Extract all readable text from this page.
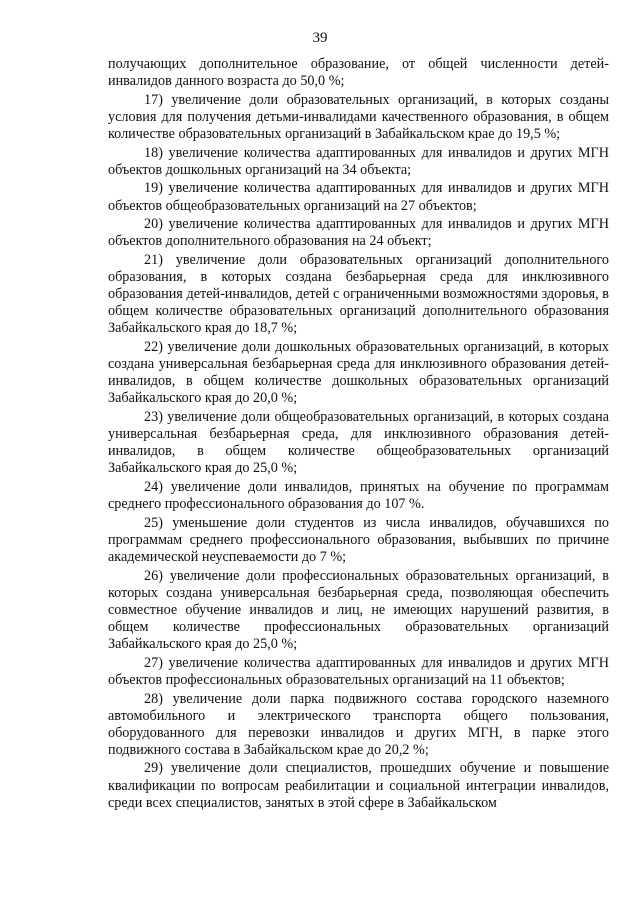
39

получающих дополнительное образование, от общей численности детей-инвалидов данного возраста до 50,0 %;

17) увеличение доли образовательных организаций, в которых созданы условия для получения детьми-инвалидами качественного образования, в общем количестве образовательных организаций в Забайкальском крае до 19,5 %;

18) увеличение количества адаптированных для инвалидов и других МГН объектов дошкольных организаций на 34 объекта;

19) увеличение количества адаптированных для инвалидов и других МГН объектов общеобразовательных организаций на 27 объектов;

20) увеличение количества адаптированных для инвалидов и других МГН объектов дополнительного образования на 24 объект;

21) увеличение доли образовательных организаций дополнительного образования, в которых создана безбарьерная среда для инклюзивного образования детей-инвалидов, детей с ограниченными возможностями здоровья, в общем количестве образовательных организаций дополнительного образования Забайкальского края до 18,7 %;

22) увеличение доли дошкольных образовательных организаций, в которых создана универсальная безбарьерная среда для инклюзивного образования детей-инвалидов, в общем количестве дошкольных образовательных организаций Забайкальского края до 20,0 %;

23) увеличение доли общеобразовательных организаций, в которых создана универсальная безбарьерная среда, для инклюзивного образования детей-инвалидов, в общем количестве общеобразовательных организаций Забайкальского края до 25,0 %;

24) увеличение доли инвалидов, принятых на обучение по программам среднего профессионального образования до 107 %.

25) уменьшение доли студентов из числа инвалидов, обучавшихся по программам среднего профессионального образования, выбывших по причине академической неуспеваемости до 7 %;

26) увеличение доли профессиональных образовательных организаций, в которых создана универсальная безбарьерная среда, позволяющая обеспечить совместное обучение инвалидов и лиц, не имеющих нарушений развития, в общем количестве профессиональных образовательных организаций Забайкальского края до 25,0 %;

27) увеличение количества адаптированных для инвалидов и других МГН объектов профессиональных образовательных организаций на 11 объектов;

28) увеличение доли парка подвижного состава городского наземного автомобильного и электрического транспорта общего пользования, оборудованного для перевозки инвалидов и других МГН, в парке этого подвижного состава в Забайкальском крае до 20,2 %;

29) увеличение доли специалистов, прошедших обучение и повышение квалификации по вопросам реабилитации и социальной интеграции инвалидов, среди всех специалистов, занятых в этой сфере в Забайкальском
